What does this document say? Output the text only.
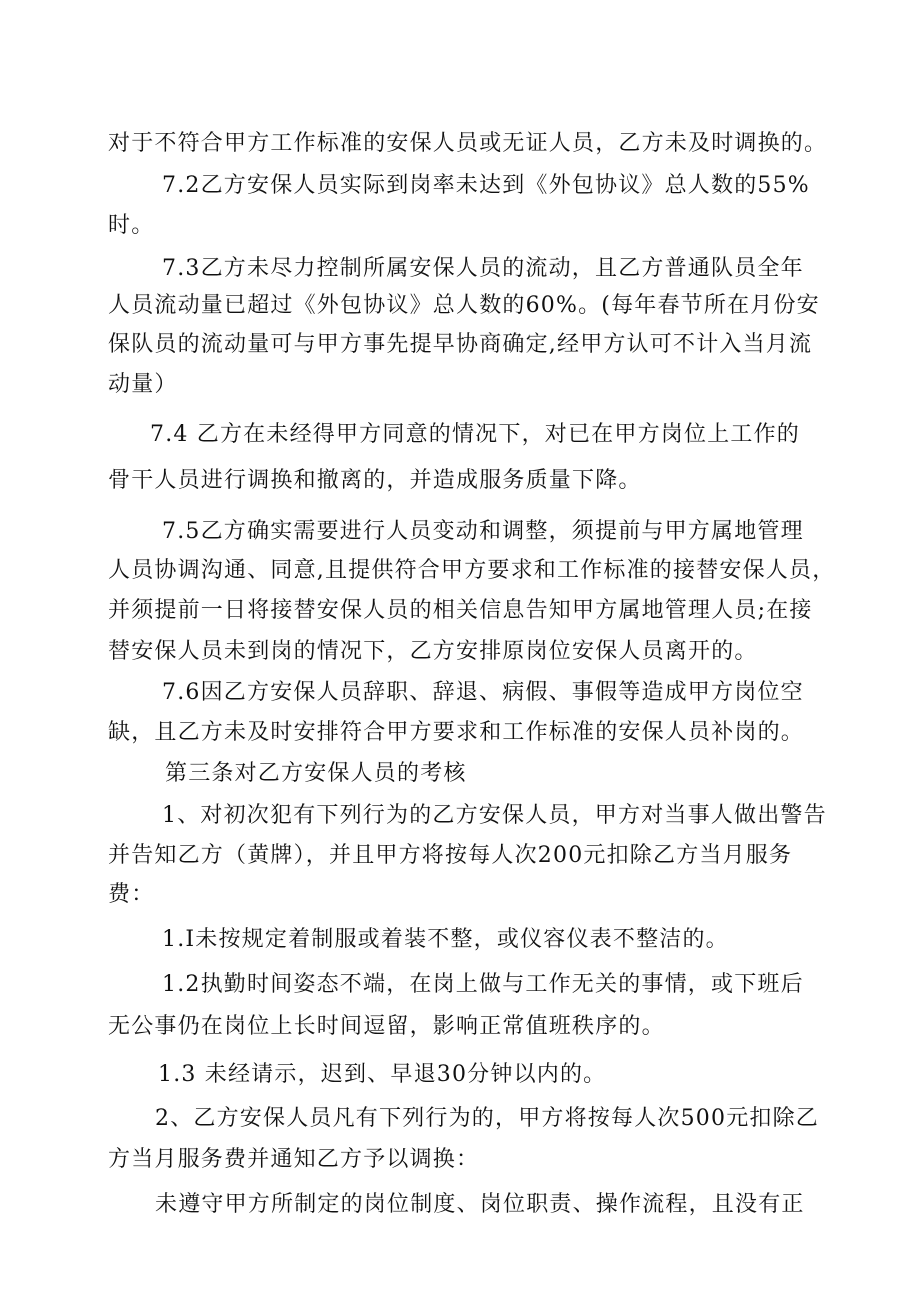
对于不符合甲方工作标准的安保人员或无证人员，乙方未及时调换的。
7.2乙方安保人员实际到岗率未达到《外包协议》总人数的55%
时。
7.3乙方未尽力控制所属安保人员的流动，且乙方普通队员全年
人员流动量已超过《外包协议》总人数的60%。(每年春节所在月份安
保队员的流动量可与甲方事先提早协商确定,经甲方认可不计入当月流
动量）
7.4 乙方在未经得甲方同意的情况下，对已在甲方岗位上工作的
骨干人员进行调换和撤离的，并造成服务质量下降。
7.5乙方确实需要进行人员变动和调整，须提前与甲方属地管理
人员协调沟通、同意,且提供符合甲方要求和工作标准的接替安保人员，
并须提前一日将接替安保人员的相关信息告知甲方属地管理人员;在接
替安保人员未到岗的情况下，乙方安排原岗位安保人员离开的。
7.6因乙方安保人员辞职、辞退、病假、事假等造成甲方岗位空
缺，且乙方未及时安排符合甲方要求和工作标准的安保人员补岗的。
第三条对乙方安保人员的考核
1、对初次犯有下列行为的乙方安保人员，甲方对当事人做出警告
并告知乙方（黄牌），并且甲方将按每人次200元扣除乙方当月服务
费：
1.I未按规定着制服或着装不整，或仪容仪表不整洁的。
1.2执勤时间姿态不端，在岗上做与工作无关的事情，或下班后
无公事仍在岗位上长时间逗留，影响正常值班秩序的。
1.3 未经请示，迟到、早退30分钟以内的。
2、乙方安保人员凡有下列行为的，甲方将按每人次500元扣除乙
方当月服务费并通知乙方予以调换：
未遵守甲方所制定的岗位制度、岗位职责、操作流程，且没有正
